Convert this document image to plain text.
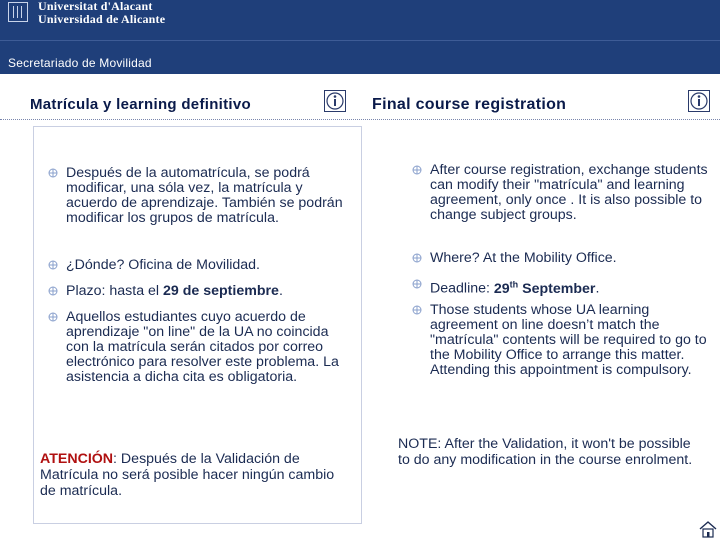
Universitat d'Alacant
Universidad de Alicante
Secretariado de Movilidad
Matrícula y learning definitivo	Final course registration
Después de la automatrícula, se podrá modificar, una sóla vez, la matrícula y acuerdo de aprendizaje. También se podrán modificar los grupos de matrícula.
¿Dónde? Oficina de Movilidad.
Plazo: hasta el 29 de septiembre.
Aquellos estudiantes cuyo acuerdo de aprendizaje "on line" de la UA no coincida con la matrícula serán citados por correo electrónico para resolver este problema. La asistencia a dicha cita es obligatoria.
ATENCIÓN: Después de la Validación de Matrícula no será posible hacer ningún cambio de matrícula.
After course registration, exchange students can modify their "matrícula" and learning agreement, only once . It is also possible to change subject groups.
Where? At the Mobility Office.
Deadline: 29th September.
Those students whose UA learning agreement on line doesn’t match the "matrícula" contents will be required to go to the Mobility Office to arrange this matter. Attending this appointment is compulsory.
NOTE: After the Validation, it won't be possible to do any modification in the course enrolment.
